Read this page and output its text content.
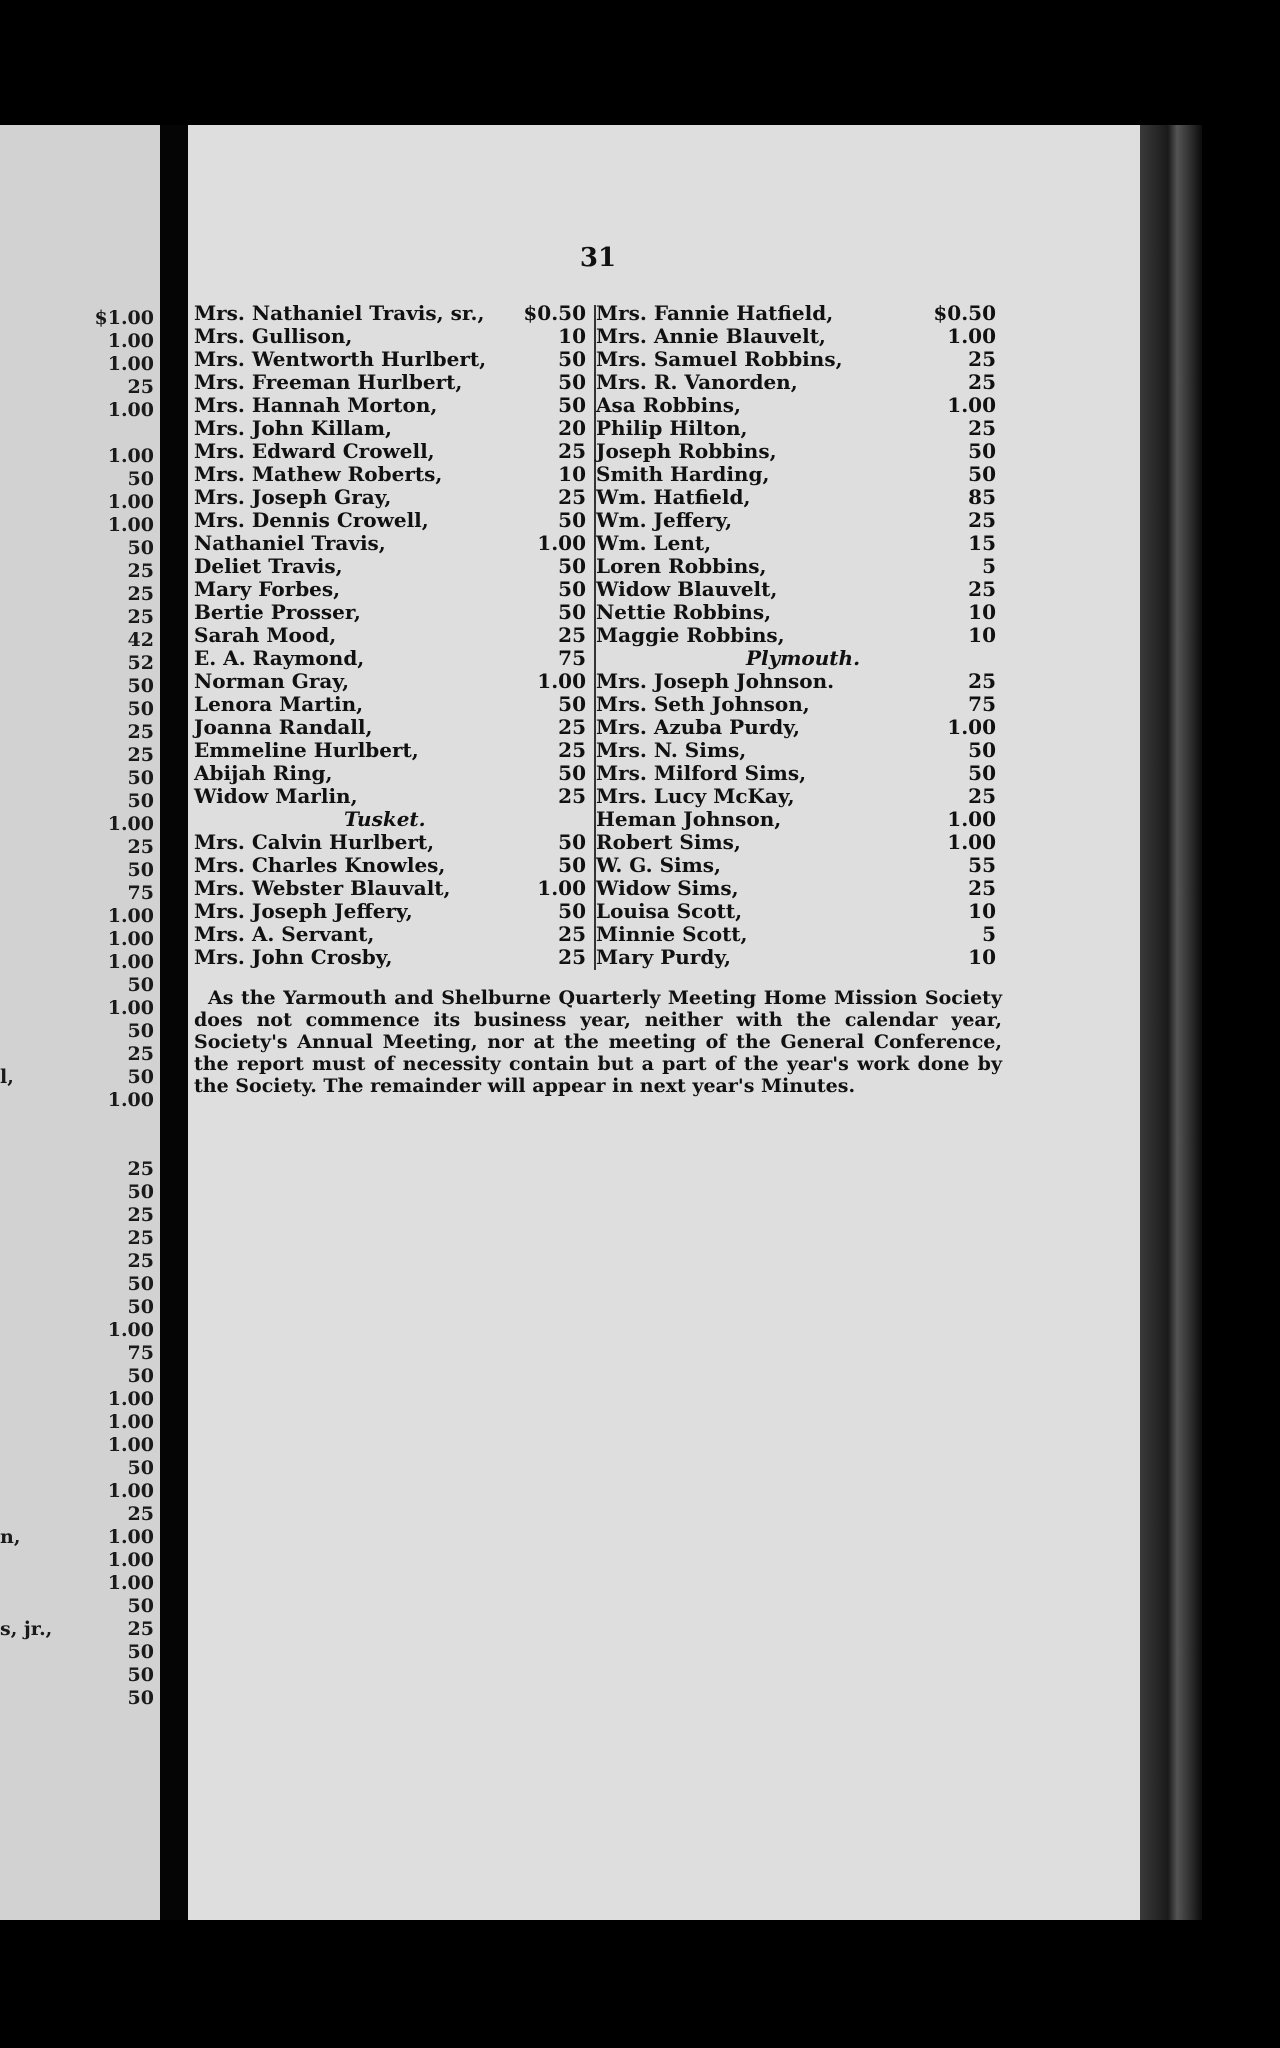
$1.00
1.00
1.00
25
1.00
1.00
50
1.00
1.00
50
25
25
25
42
52
50
50
25
25
50
50
1.00
25
50
75
1.00
1.00
1.00
50
1.00
50
25
50
1.00
25
50
25
25
25
50
50
1.00
75
50
1.00
1.00
1.00
50
1.00
25
1.00
1.00
1.00
50
25
50
50
50
l,
n,
s, jr.,
31
Mrs. Nathaniel Travis, sr., $0.50
Mrs. Gullison,	10
Mrs. Wentworth Hurlbert,	50
Mrs. Freeman Hurlbert,	50
Mrs. Hannah Morton,	50
Mrs. John Killam,	20
Mrs. Edward Crowell,	25
Mrs. Mathew Roberts,	10
Mrs. Joseph Gray,	25
Mrs. Dennis Crowell,	50
Nathaniel Travis,	1.00
Deliet Travis,	50
Mary Forbes,	50
Bertie Prosser,	50
Sarah Mood,	25
E. A. Raymond,	75
Norman Gray,	1.00
Lenora Martin,	50
Joanna Randall,	25
Emmeline Hurlbert,	25
Abijah Ring,	50
Widow Marlin,	25
Tusket.
Mrs. Calvin Hurlbert,	50
Mrs. Charles Knowles,	50
Mrs. Webster Blauvalt,	1.00
Mrs. Joseph Jeffery,	50
Mrs. A. Servant,	25
Mrs. John Crosby,	25
Mrs. Fannie Hatfield,	$0.50
Mrs. Annie Blauvelt,	1.00
Mrs. Samuel Robbins,	25
Mrs. R. Vanorden,	25
Asa Robbins,	1.00
Philip Hilton,	25
Joseph Robbins,	50
Smith Harding,	50
Wm. Hatfield,	85
Wm. Jeffery,	25
Wm. Lent,	15
Loren Robbins,	5
Widow Blauvelt,	25
Nettie Robbins,	10
Maggie Robbins,	10
Plymouth.
Mrs. Joseph Johnson.	25
Mrs. Seth Johnson,	75
Mrs. Azuba Purdy,	1.00
Mrs. N. Sims,	50
Mrs. Milford Sims,	50
Mrs. Lucy McKay,	25
Heman Johnson,	1.00
Robert Sims,	1.00
W. G. Sims,	55
Widow Sims,	25
Louisa Scott,	10
Minnie Scott,	5
Mary Purdy,	10

As the Yarmouth and Shelburne Quarterly Meeting Home Mission Society does not commence its business year, neither with the calendar year, Society's Annual Meeting, nor at the meeting of the General Conference, the report must of necessity contain but a part of the year's work done by the Society. The remainder will appear in next year's Minutes.
